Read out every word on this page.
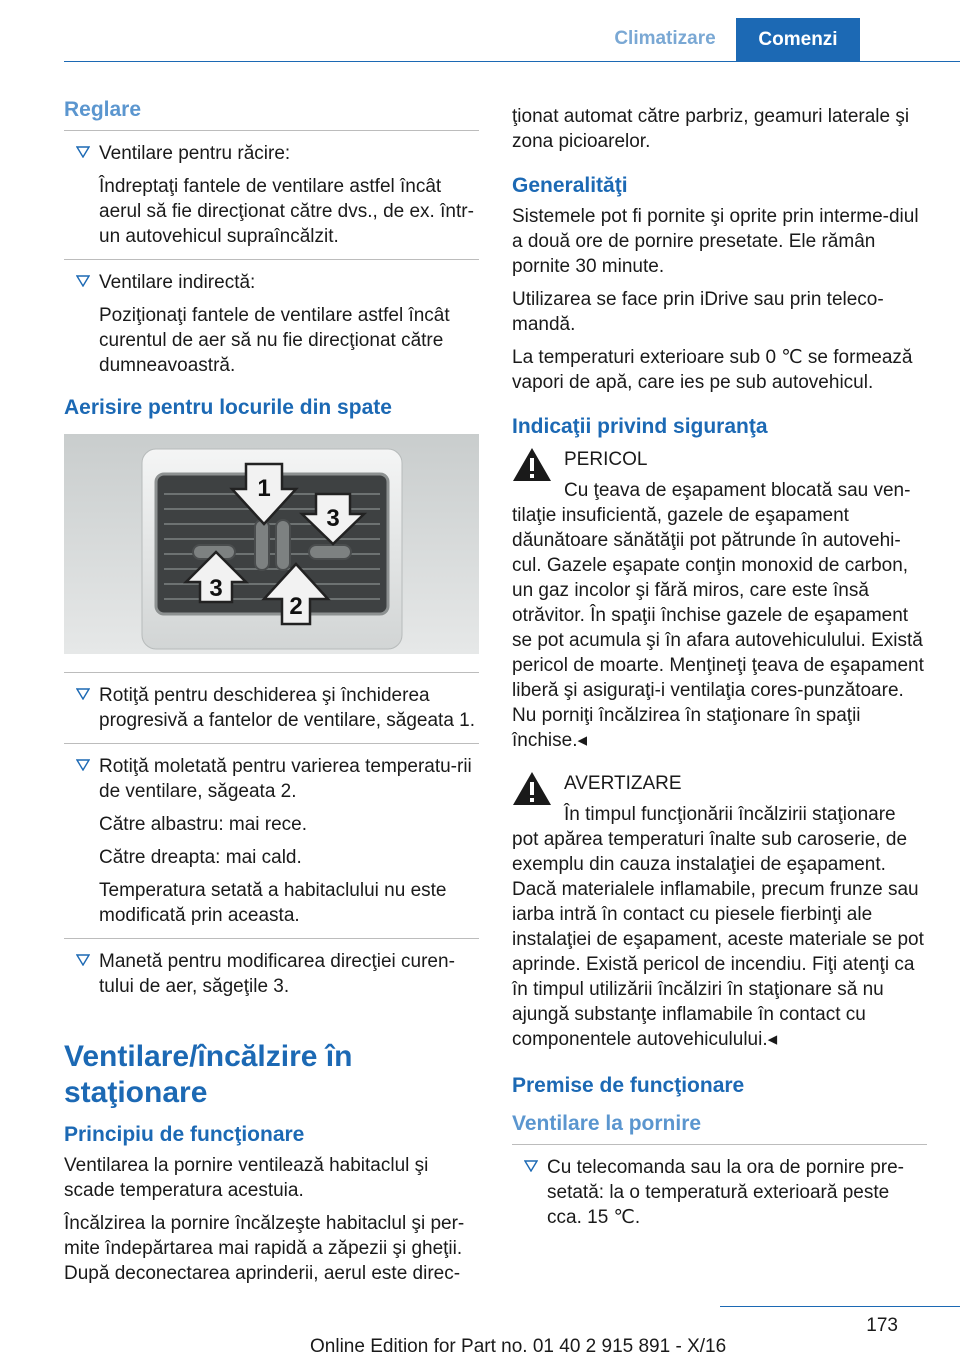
Climatizare	Comenzi
Reglare

Ventilare pentru răcire:

Îndreptaţi fantele de ventilare astfel încât aerul să fie direcţionat către dvs., de ex. într-un autovehicul supraîncălzit.

Ventilare indirectă:

Poziţionaţi fantele de ventilare astfel încât curentul de aer să nu fie direcţionat către dumneavoastră.

Aerisire pentru locurile din spate
1
2
3
3

Rotiţă pentru deschiderea şi închiderea progresivă a fantelor de ventilare, săgeata 1.

Rotiţă moletată pentru varierea temperatu‐rii de ventilare, săgeata 2.

Către albastru: mai rece.

Către dreapta: mai cald.

Temperatura setată a habitaclului nu este modificată prin aceasta.

Manetă pentru modificarea direcţiei curen‐tului de aer, săgeţile 3.

Ventilare/încălzire în staţionare
Principiu de funcţionare

Ventilarea la pornire ventilează habitaclul şi scade temperatura acestuia.

Încălzirea la pornire încălzeşte habitaclul şi per‐mite îndepărtarea mai rapidă a zăpezii şi gheţii. După deconectarea aprinderii, aerul este direc‐

ţionat automat către parbriz, geamuri laterale şi zona picioarelor.

Generalităţi

Sistemele pot fi pornite şi oprite prin interme‐diul a două ore de pornire presetate. Ele rămân pornite 30 minute.

Utilizarea se face prin iDrive sau prin teleco‐mandă.

La temperaturi exterioare sub 0 ℃ se formează vapori de apă, care ies pe sub autovehicul.

Indicaţii privind siguranţa

PERICOL

Cu ţeava de eşapament blocată sau ven‐tilaţie insuficientă, gazele de eşapament dăunătoare sănătăţii pot pătrunde în autovehi‐cul. Gazele eşapate conţin monoxid de carbon, un gaz incolor şi fără miros, care este însă otrăvitor. În spaţii închise gazele de eşapament se pot acumula şi în afara autovehiculului. Există pericol de moarte. Menţineţi ţeava de eşapament liberă şi asiguraţi-i ventilaţia cores‐punzătoare. Nu porniţi încălzirea în staţionare în spaţii închise.◂

AVERTIZARE

În timpul funcţionării încălzirii staţionare pot apărea temperaturi înalte sub caroserie, de exemplu din cauza instalaţiei de eşapament. Dacă materialele inflamabile, precum frunze sau iarba intră în contact cu piesele fierbinţi ale instalaţiei de eşapament, aceste materiale se pot aprinde. Există pericol de incendiu. Fiţi atenţi ca în timpul utilizării încălziri în staţionare să nu ajungă substanţe inflamabile în contact cu componentele autovehiculului.◂

Premise de funcţionare
Ventilare la pornire

Cu telecomanda sau la ora de pornire pre‐setată: la o temperatură exterioară peste cca. 15 ℃.

173
Online Edition for Part no. 01 40 2 915 891 - X/16
